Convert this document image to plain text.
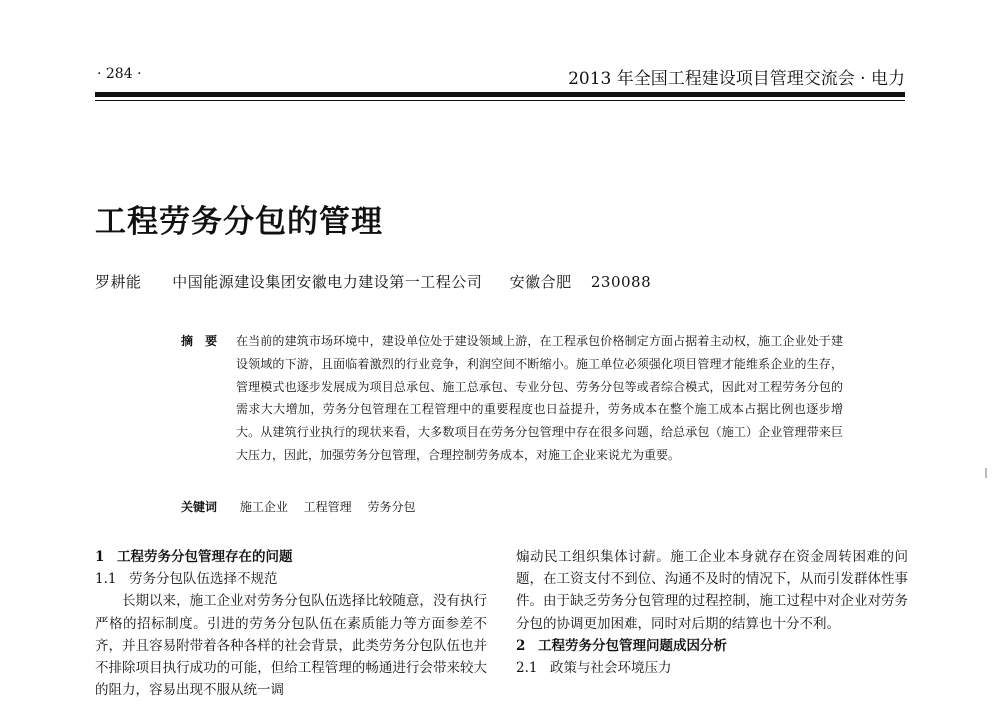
· 284 ·	2013 年全国工程建设项目管理交流会 · 电力
工程劳务分包的管理
罗耕能 中国能源建设集团安徽电力建设第一工程公司 安徽合肥 230088
摘 要 在当前的建筑市场环境中，建设单位处于建设领域上游，在工程承包价格制定方面占据着主动权，施工企业处于建设领域的下游，且面临着激烈的行业竞争，利润空间不断缩小。施工单位必须强化项目管理才能维系企业的生存，管理模式也逐步发展成为项目总承包、施工总承包、专业分包、劳务分包等或者综合模式，因此对工程劳务分包的需求大大增加，劳务分包管理在工程管理中的重要程度也日益提升，劳务成本在整个施工成本占据比例也逐步增大。从建筑行业执行的现状来看，大多数项目在劳务分包管理中存在很多问题，给总承包（施工）企业管理带来巨大压力，因此，加强劳务分包管理，合理控制劳务成本，对施工企业来说尤为重要。
关键词 施工企业 工程管理 劳务分包
1 工程劳务分包管理存在的问题
1.1 劳务分包队伍选择不规范
长期以来，施工企业对劳务分包队伍选择比较随意，没有执行严格的招标制度。引进的劳务分包队伍在素质能力等方面参差不齐，并且容易附带着各种各样的社会背景，此类劳务分包队伍也并不排除项目执行成功的可能，但给工程管理的畅通进行会带来较大的阻力，容易出现不服从统一调
煽动民工组织集体讨薪。施工企业本身就存在资金周转困难的问题，在工资支付不到位、沟通不及时的情况下，从而引发群体性事件。由于缺乏劳务分包管理的过程控制，施工过程中对企业对劳务分包的协调更加困难，同时对后期的结算也十分不利。
2 工程劳务分包管理问题成因分析
2.1 政策与社会环境压力
